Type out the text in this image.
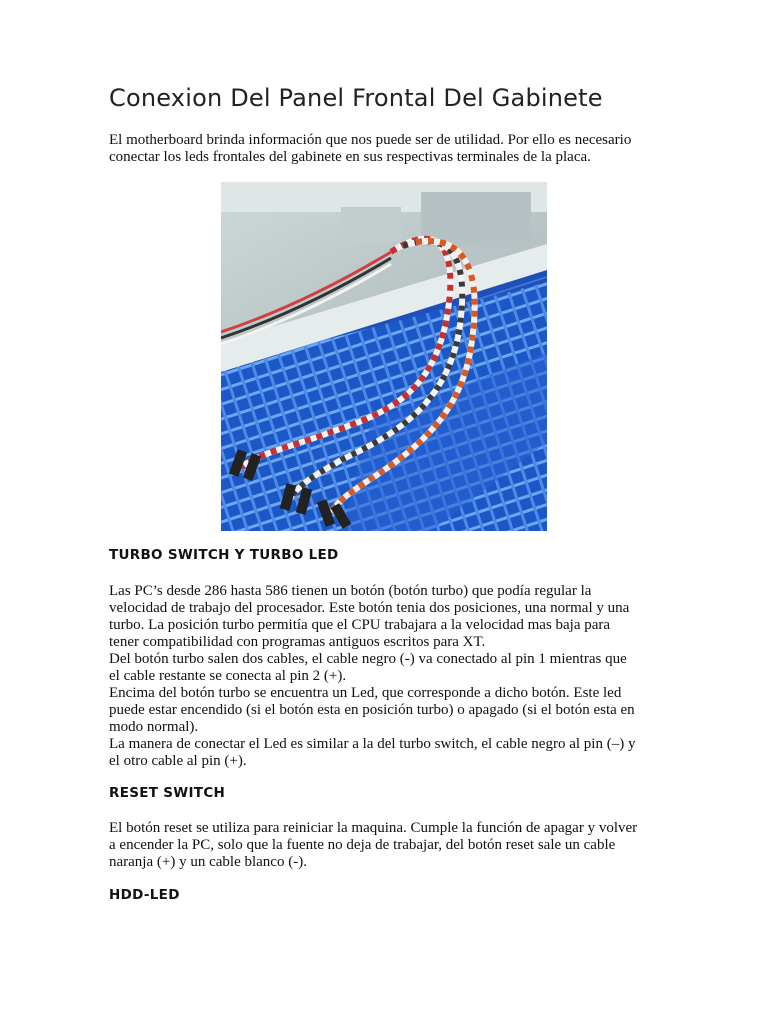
Conexion Del Panel Frontal Del Gabinete

El motherboard brinda información que nos puede ser de utilidad. Por ello es necesario
conectar los leds frontales del gabinete en sus respectivas terminales de la placa.

TURBO SWITCH Y TURBO LED

Las PC’s desde 286 hasta 586 tienen un botón (botón turbo) que podía regular la
velocidad de trabajo del procesador. Este botón tenia dos posiciones, una normal y una
turbo. La posición turbo permitía que el CPU trabajara a la velocidad mas baja para
tener compatibilidad con programas antiguos escritos para XT.
Del botón turbo salen dos cables, el cable negro (-) va conectado al pin 1 mientras que
el cable restante se conecta al pin 2 (+).
Encima del botón turbo se encuentra un Led, que corresponde a dicho botón. Este led
puede estar encendido (si el botón esta en posición turbo) o apagado (si el botón esta en
modo normal).
La manera de conectar el Led es similar a la del turbo switch, el cable negro al pin (–) y
el otro cable al pin (+).

RESET SWITCH

El botón reset se utiliza para reiniciar la maquina. Cumple la función de apagar y volver
a encender la PC, solo que la fuente no deja de trabajar, del botón reset sale un cable
naranja (+) y un cable blanco (-).

HDD-LED
